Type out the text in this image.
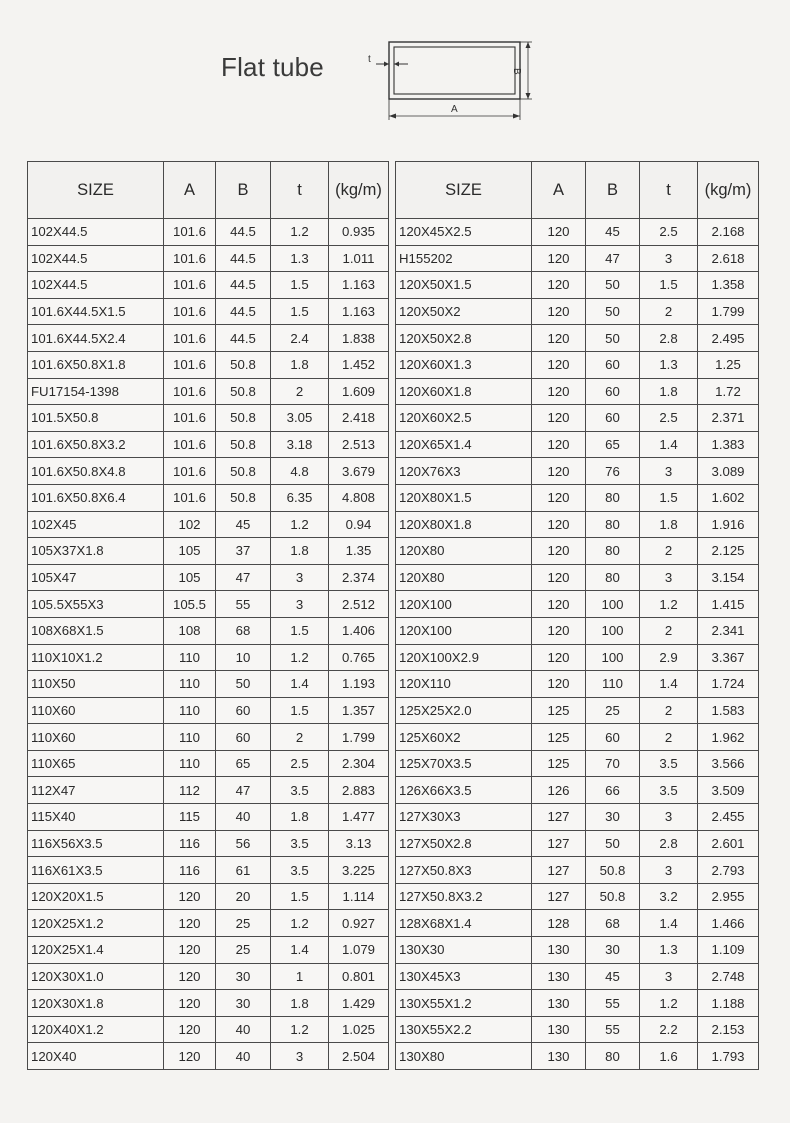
Flat tube	t
A
B
SIZE	A	B	t	(kg/m)
102X44.5	101.6	44.5	1.2	0.935
102X44.5	101.6	44.5	1.3	1.011
102X44.5	101.6	44.5	1.5	1.163
101.6X44.5X1.5	101.6	44.5	1.5	1.163
101.6X44.5X2.4	101.6	44.5	2.4	1.838
101.6X50.8X1.8	101.6	50.8	1.8	1.452
FU17154-1398	101.6	50.8	2	1.609
101.5X50.8	101.6	50.8	3.05	2.418
101.6X50.8X3.2	101.6	50.8	3.18	2.513
101.6X50.8X4.8	101.6	50.8	4.8	3.679
101.6X50.8X6.4	101.6	50.8	6.35	4.808
102X45	102	45	1.2	0.94
105X37X1.8	105	37	1.8	1.35
105X47	105	47	3	2.374
105.5X55X3	105.5	55	3	2.512
108X68X1.5	108	68	1.5	1.406
110X10X1.2	110	10	1.2	0.765
110X50	110	50	1.4	1.193
110X60	110	60	1.5	1.357
110X60	110	60	2	1.799
110X65	110	65	2.5	2.304
112X47	112	47	3.5	2.883
115X40	115	40	1.8	1.477
116X56X3.5	116	56	3.5	3.13
116X61X3.5	116	61	3.5	3.225
120X20X1.5	120	20	1.5	1.114
120X25X1.2	120	25	1.2	0.927
120X25X1.4	120	25	1.4	1.079
120X30X1.0	120	30	1	0.801
120X30X1.8	120	30	1.8	1.429
120X40X1.2	120	40	1.2	1.025
120X40	120	40	3	2.504
SIZE	A	B	t	(kg/m)
120X45X2.5	120	45	2.5	2.168
H155202	120	47	3	2.618
120X50X1.5	120	50	1.5	1.358
120X50X2	120	50	2	1.799
120X50X2.8	120	50	2.8	2.495
120X60X1.3	120	60	1.3	1.25
120X60X1.8	120	60	1.8	1.72
120X60X2.5	120	60	2.5	2.371
120X65X1.4	120	65	1.4	1.383
120X76X3	120	76	3	3.089
120X80X1.5	120	80	1.5	1.602
120X80X1.8	120	80	1.8	1.916
120X80	120	80	2	2.125
120X80	120	80	3	3.154
120X100	120	100	1.2	1.415
120X100	120	100	2	2.341
120X100X2.9	120	100	2.9	3.367
120X110	120	110	1.4	1.724
125X25X2.0	125	25	2	1.583
125X60X2	125	60	2	1.962
125X70X3.5	125	70	3.5	3.566
126X66X3.5	126	66	3.5	3.509
127X30X3	127	30	3	2.455
127X50X2.8	127	50	2.8	2.601
127X50.8X3	127	50.8	3	2.793
127X50.8X3.2	127	50.8	3.2	2.955
128X68X1.4	128	68	1.4	1.466
130X30	130	30	1.3	1.109
130X45X3	130	45	3	2.748
130X55X1.2	130	55	1.2	1.188
130X55X2.2	130	55	2.2	2.153
130X80	130	80	1.6	1.793
